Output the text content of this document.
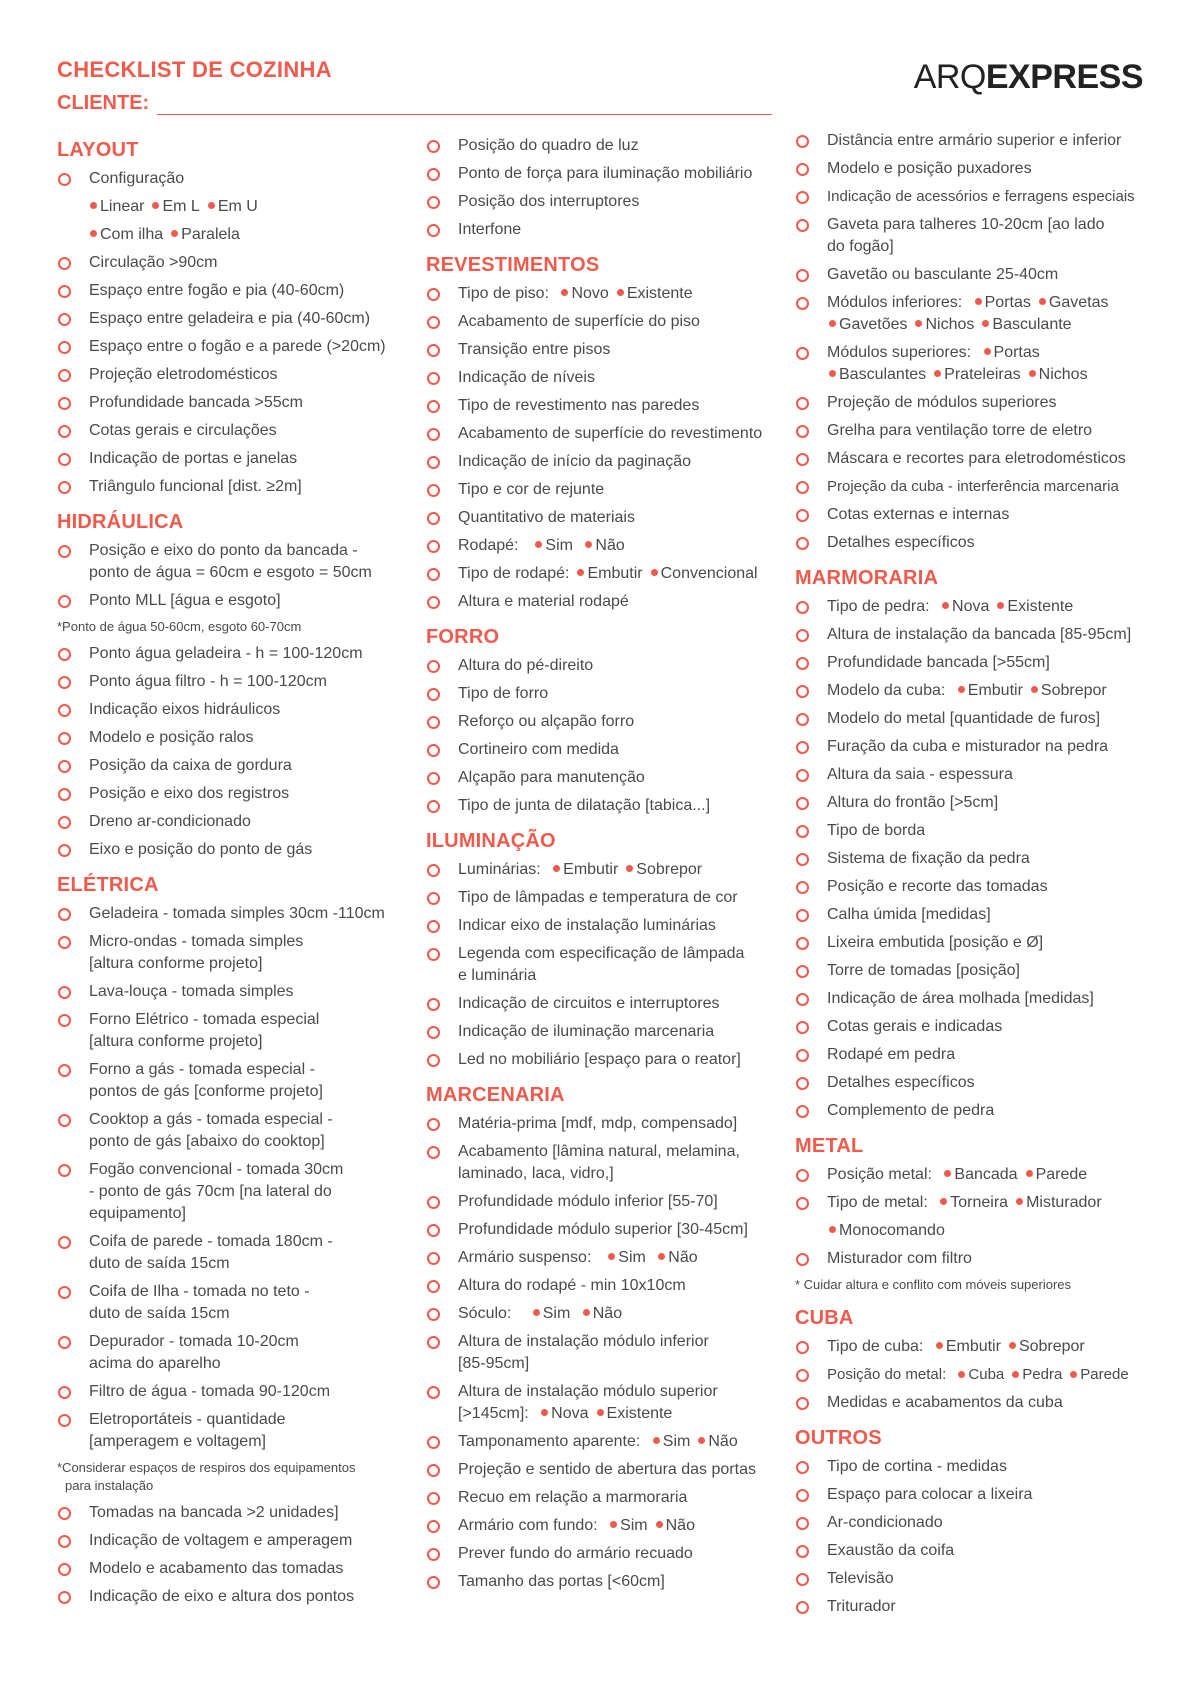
CHECKLIST DE COZINHA
CLIENTE:
ARQ EXPRESS
LAYOUT
Configuração
Linear Em L Em U
Com ilha Paralela
Circulação >90cm
Espaço entre fogão e pia (40-60cm)
Espaço entre geladeira e pia (40-60cm)
Espaço entre o fogão e a parede (>20cm)
Projeção eletrodomésticos
Profundidade bancada >55cm
Cotas gerais e circulações
Indicação de portas e janelas
Triângulo funcional [dist. ≥2m]
HIDRÁULICA
Posição e eixo do ponto da bancada -
ponto de água = 60cm e esgoto = 50cm
Ponto MLL [água e esgoto]
*Ponto de água 50-60cm, esgoto 60-70cm
Ponto água geladeira - h = 100-120cm
Ponto água filtro - h = 100-120cm
Indicação eixos hidráulicos
Modelo e posição ralos
Posição da caixa de gordura
Posição e eixo dos registros
Dreno ar-condicionado
Eixo e posição do ponto de gás
ELÉTRICA
Geladeira - tomada simples 30cm -110cm
Micro-ondas - tomada simples
[altura conforme projeto]
Lava-louça - tomada simples
Forno Elétrico - tomada especial
[altura conforme projeto]
Forno a gás - tomada especial -
pontos de gás [conforme projeto]
Cooktop a gás - tomada especial -
ponto de gás [abaixo do cooktop]
Fogão convencional - tomada 30cm
- ponto de gás 70cm [na lateral do
equipamento]
Coifa de parede - tomada 180cm -
duto de saída 15cm
Coifa de Ilha - tomada no teto -
duto de saída 15cm
Depurador - tomada 10-20cm
acima do aparelho
Filtro de água - tomada 90-120cm
Eletroportáteis - quantidade
[amperagem e voltagem]
*Considerar espaços de respiros dos equipamentos
para instalação
Tomadas na bancada >2 unidades]
Indicação de voltagem e amperagem
Modelo e acabamento das tomadas
Indicação de eixo e altura dos pontos
Posição do quadro de luz
Ponto de força para iluminação mobiliário
Posição dos interruptores
Interfone
REVESTIMENTOS
Tipo de piso: Novo Existente
Acabamento de superfície do piso
Transição entre pisos
Indicação de níveis
Tipo de revestimento nas paredes
Acabamento de superfície do revestimento
Indicação de início da paginação
Tipo e cor de rejunte
Quantitativo de materiais
Rodapé: Sim Não
Tipo de rodapé: Embutir Convencional
Altura e material rodapé
FORRO
Altura do pé-direito
Tipo de forro
Reforço ou alçapão forro
Cortineiro com medida
Alçapão para manutenção
Tipo de junta de dilatação [tabica...]
ILUMINAÇÃO
Luminárias: Embutir Sobrepor
Tipo de lâmpadas e temperatura de cor
Indicar eixo de instalação luminárias
Legenda com especificação de lâmpada
e luminária
Indicação de circuitos e interruptores
Indicação de iluminação marcenaria
Led no mobiliário [espaço para o reator]
MARCENARIA
Matéria-prima [mdf, mdp, compensado]
Acabamento [lâmina natural, melamina,
laminado, laca, vidro,]
Profundidade módulo inferior [55-70]
Profundidade módulo superior [30-45cm]
Armário suspenso: Sim Não
Altura do rodapé - min 10x10cm
Sóculo: Sim Não
Altura de instalação módulo inferior
[85-95cm]
Altura de instalação módulo superior
[>145cm]: Nova Existente
Tamponamento aparente: Sim Não
Projeção e sentido de abertura das portas
Recuo em relação a marmoraria
Armário com fundo: Sim Não
Prever fundo do armário recuado
Tamanho das portas [<60cm]
Distância entre armário superior e inferior
Modelo e posição puxadores
Indicação de acessórios e ferragens especiais
Gaveta para talheres 10-20cm [ao lado
do fogão]
Gavetão ou basculante 25-40cm
Módulos inferiores: Portas Gavetas
Gavetões Nichos Basculante
Módulos superiores: Portas
Basculantes Prateleiras Nichos
Projeção de módulos superiores
Grelha para ventilação torre de eletro
Máscara e recortes para eletrodomésticos
Projeção da cuba - interferência marcenaria
Cotas externas e internas
Detalhes específicos
MARMORARIA
Tipo de pedra: Nova Existente
Altura de instalação da bancada [85-95cm]
Profundidade bancada [>55cm]
Modelo da cuba: Embutir Sobrepor
Modelo do metal [quantidade de furos]
Furação da cuba e misturador na pedra
Altura da saia - espessura
Altura do frontão [>5cm]
Tipo de borda
Sistema de fixação da pedra
Posição e recorte das tomadas
Calha úmida [medidas]
Lixeira embutida [posição e Ø]
Torre de tomadas [posição]
Indicação de área molhada [medidas]
Cotas gerais e indicadas
Rodapé em pedra
Detalhes específicos
Complemento de pedra
METAL
Posição metal: Bancada Parede
Tipo de metal: Torneira Misturador
Monocomando
Misturador com filtro
* Cuidar altura e conflito com móveis superiores
CUBA
Tipo de cuba: Embutir Sobrepor
Posição do metal: Cuba Pedra Parede
Medidas e acabamentos da cuba
OUTROS
Tipo de cortina - medidas
Espaço para colocar a lixeira
Ar-condicionado
Exaustão da coifa
Televisão
Triturador
